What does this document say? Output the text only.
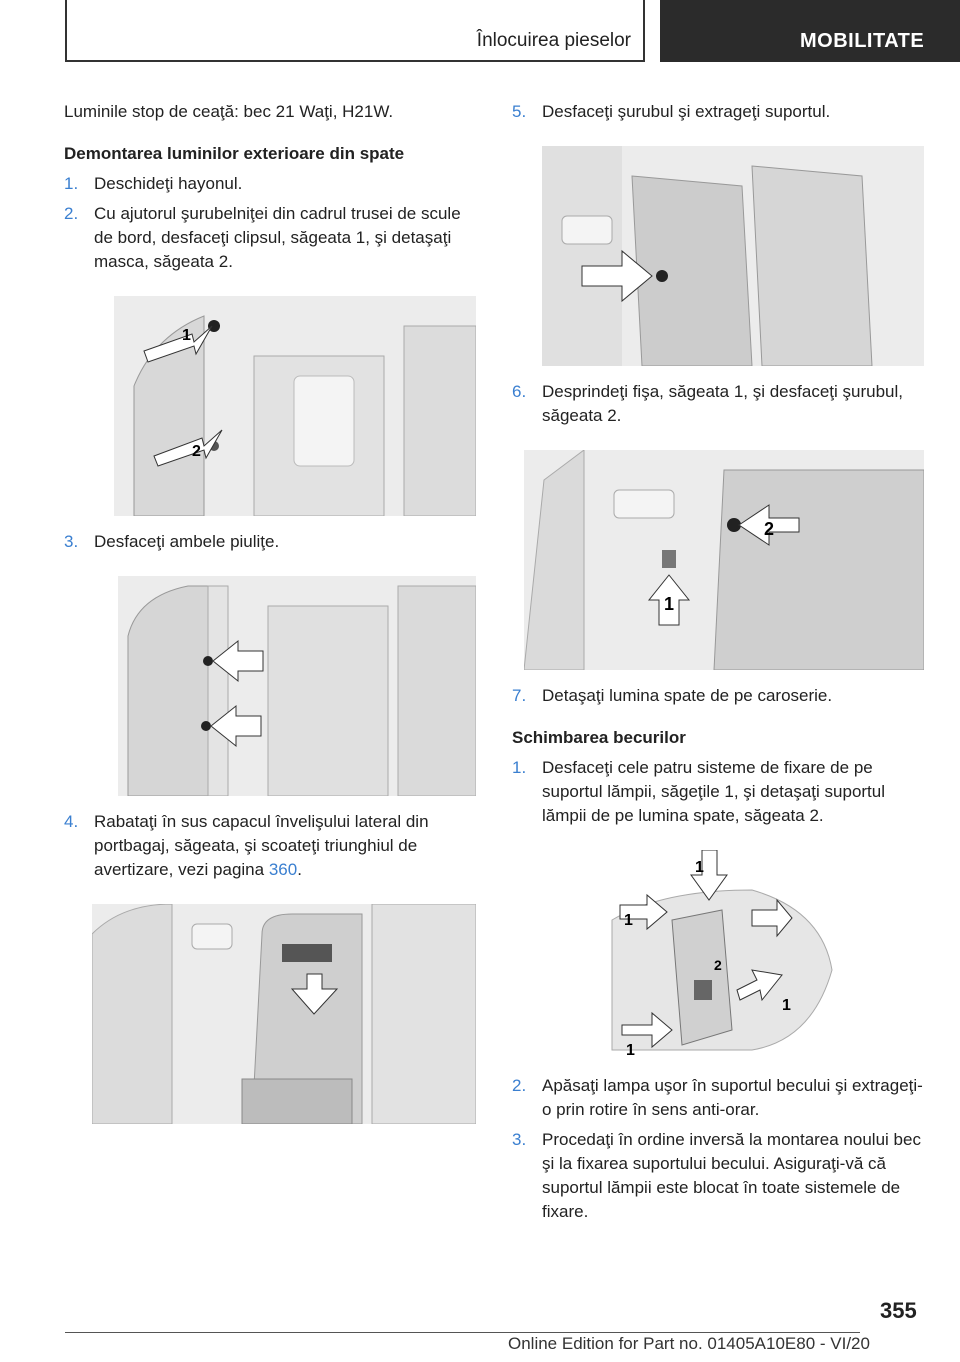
Înlocuirea pieselor	MOBILITATE

Luminile stop de ceaţă: bec 21 Waţi, H21W.

Demontarea luminilor exterioare din spate
1. Deschideţi hayonul.
2. Cu ajutorul şurubelniţei din cadrul trusei de scule de bord, desfaceţi clipsul, săgeata 1, şi detaşaţi masca, săgeata 2.
1
2
3. Desfaceţi ambele piuliţe.
4. Rabataţi în sus capacul învelişului lateral din portbagaj, săgeata, şi scoateţi triunghiul de avertizare, vezi pagina 360.
5. Desfaceţi şurubul şi extrageţi suportul.
6. Desprindeţi fişa, săgeata 1, şi desfaceţi şurubul, săgeata 2.
2
1
7. Detaşaţi lumina spate de pe caroserie.
Schimbarea becurilor
1. Desfaceţi cele patru sisteme de fixare de pe suportul lămpii, săgeţile 1, şi detaşaţi suportul lămpii de pe lumina spate, săgeata 2.
1
1
2
1
1
2. Apăsaţi lampa uşor în suportul becului şi extrageţi-o prin rotire în sens anti-orar.
3. Procedaţi în ordine inversă la montarea noului bec şi la fixarea suportului becului. Asiguraţi-vă că suportul lămpii este blocat în toate sistemele de fixare.
355
Online Edition for Part no. 01405A10E80 - VI/20
